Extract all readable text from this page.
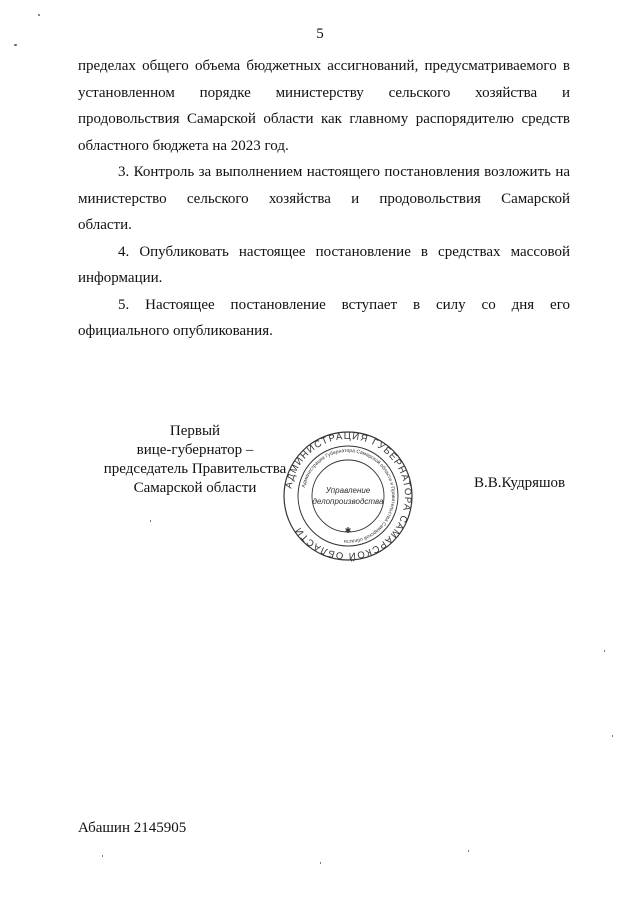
5

пределах общего объема бюджетных ассигнований, предусматриваемого в
установленном порядке министерству сельского хозяйства и
продовольствия Самарской области как главному распорядителю средств

областного бюджета на 2023 год.

3. Контроль за выполнением настоящего постановления возложить на министерство сельского хозяйства и продовольствия Самарской

области.

4. Опубликовать настоящее постановление в средствах массовой

информации.

5. Настоящее постановление вступает в силу со дня его

официального опубликования.

Первый
вице-губернатор –
председатель Правительства
Самарской области	АДМИНИСТРАЦИЯ ГУБЕРНАТОРА САМАРСКОЙ ОБЛАСТИ
Администрация Губернатора Самарской области и Правительства Самарской области
Управление
делопроизводства
✱
В.В.Кудряшов
Абашин 2145905
